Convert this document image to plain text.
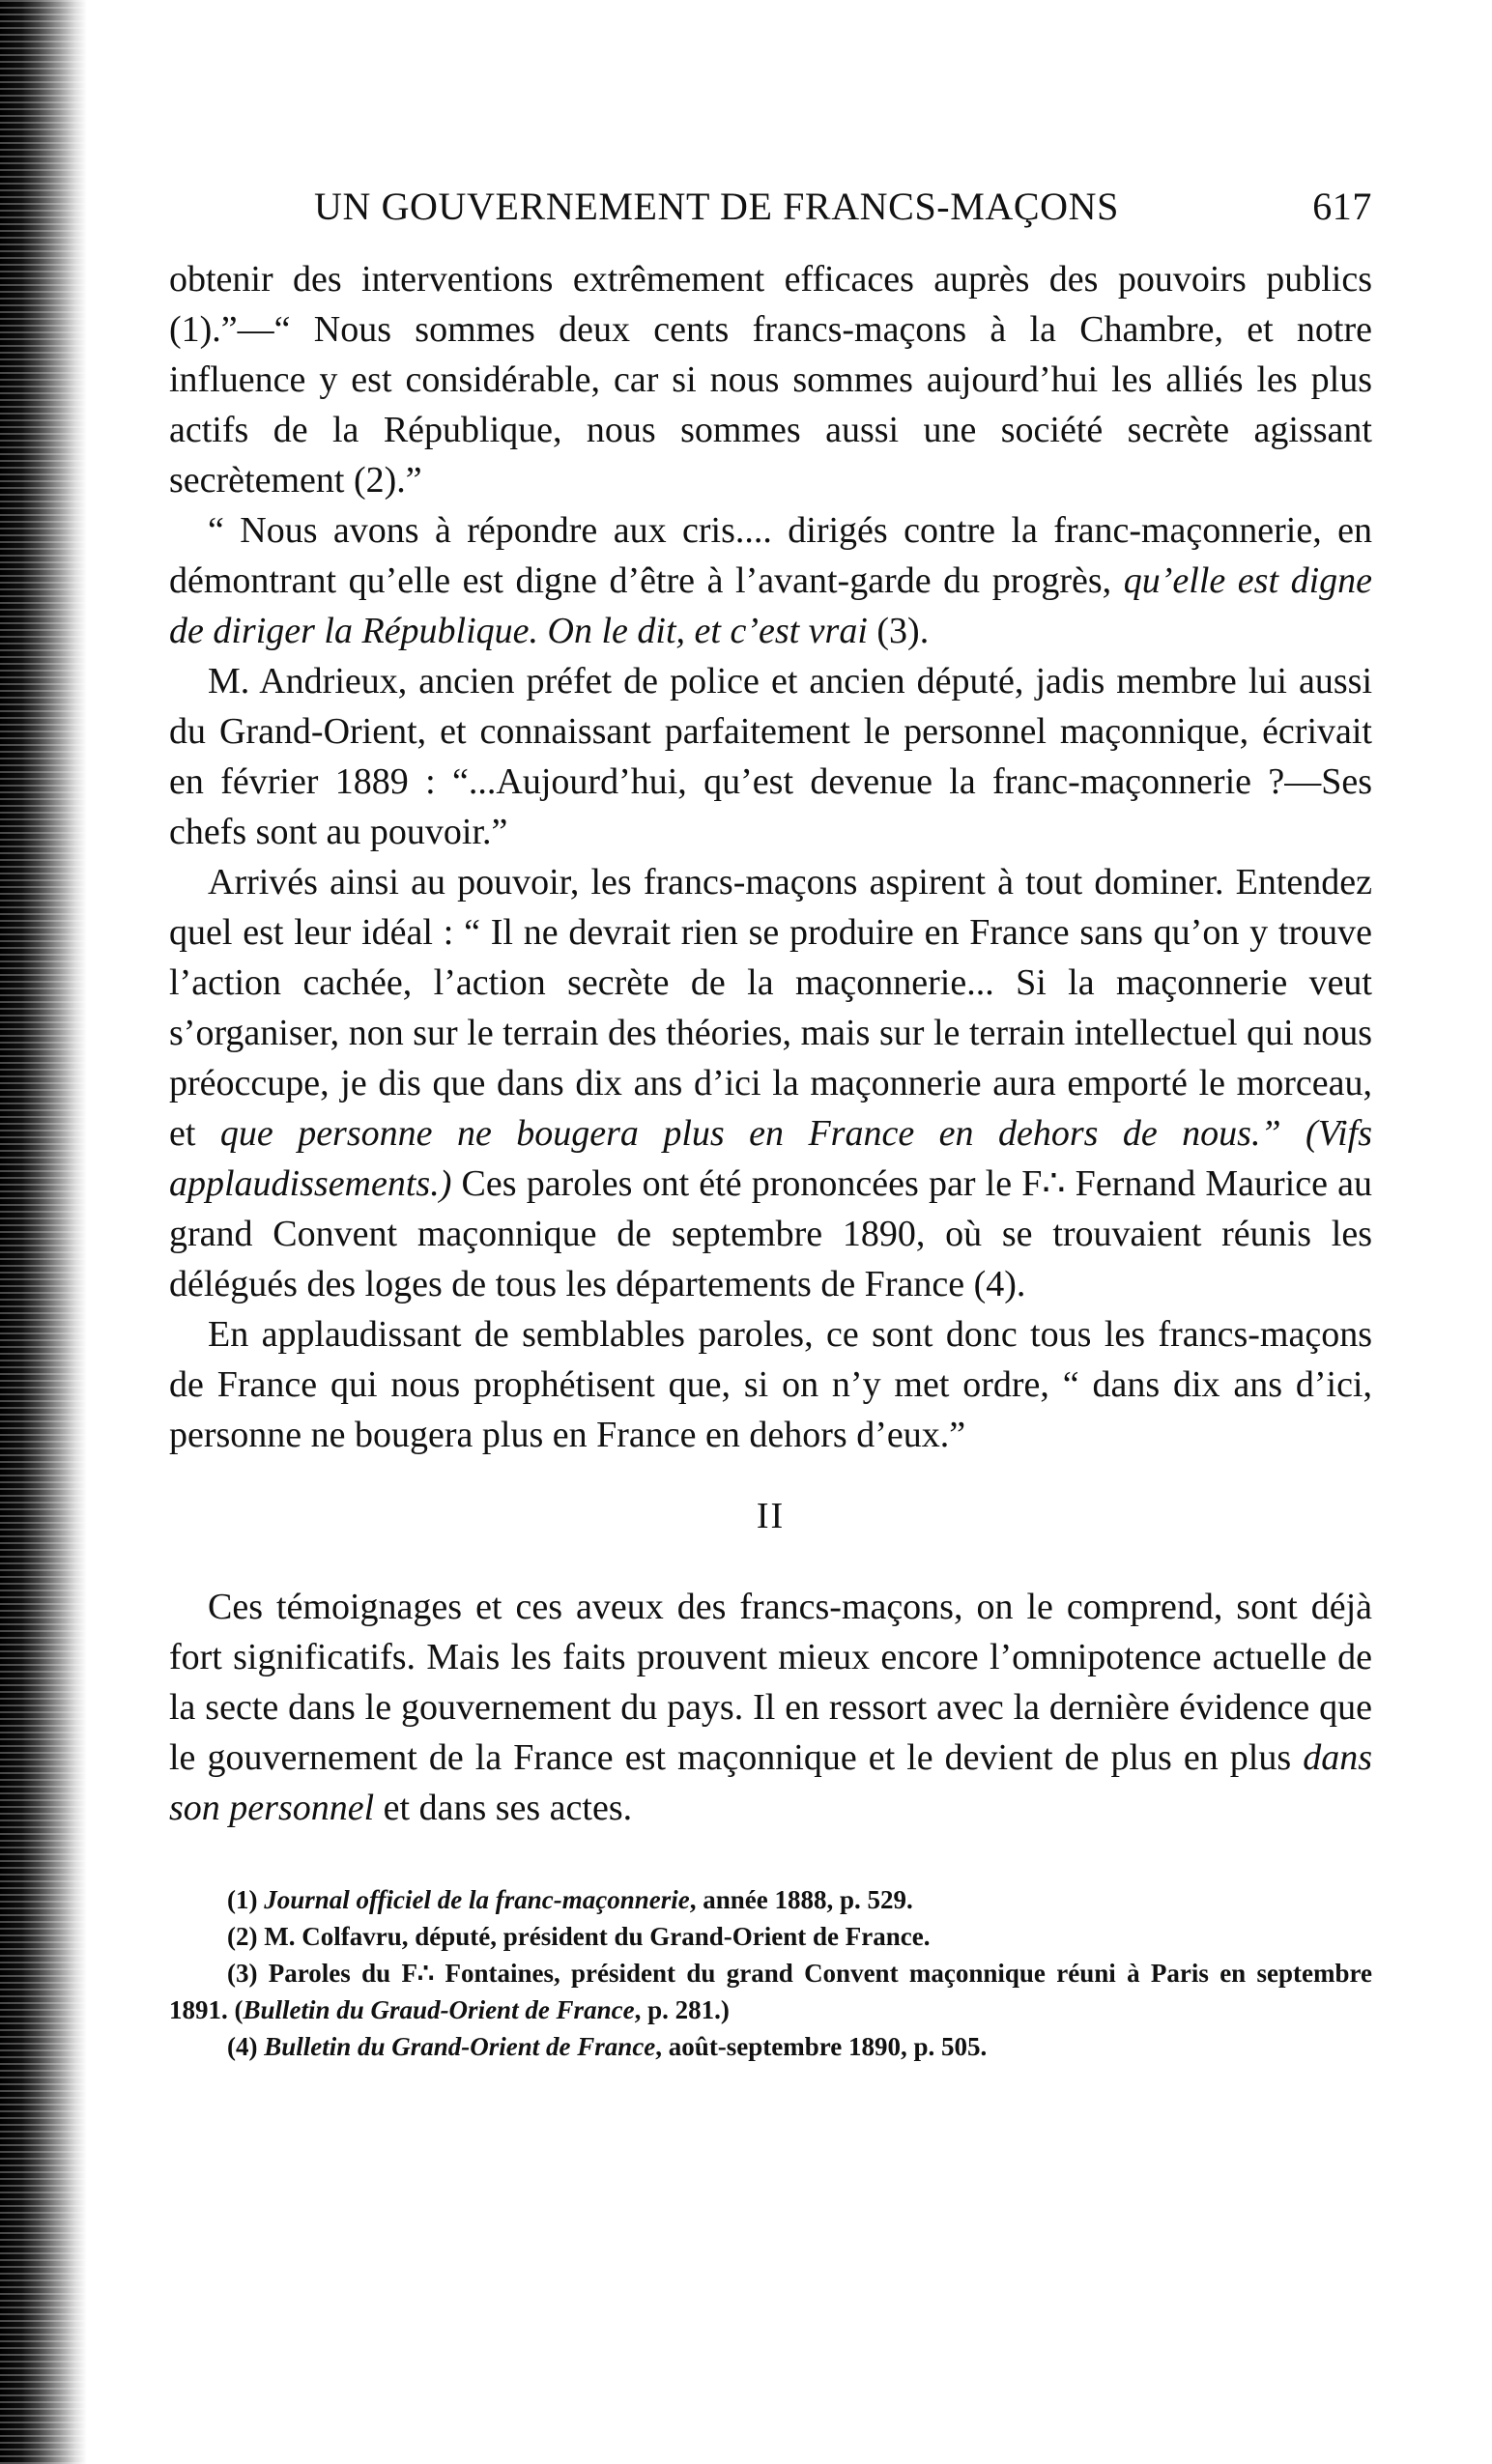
UN GOUVERNEMENT DE FRANCS-MAÇONS	617

obtenir des interventions extrêmement efficaces auprès des pouvoirs publics (1).”—“ Nous sommes deux cents francs-maçons à la Chambre, et notre influence y est considérable, car si nous sommes aujourd’hui les alliés les plus actifs de la République, nous sommes aussi une société secrète agissant secrètement (2).”

“ Nous avons à répondre aux cris.... dirigés contre la franc-maçonnerie, en démontrant qu’elle est digne d’être à l’avant-garde du progrès, qu’elle est digne de diriger la République. On le dit, et c’est vrai (3).

M. Andrieux, ancien préfet de police et ancien député, jadis membre lui aussi du Grand-Orient, et connaissant parfaitement le personnel maçonnique, écrivait en février 1889 : “...Aujourd’hui, qu’est devenue la franc-maçonnerie ?—Ses chefs sont au pouvoir.”

Arrivés ainsi au pouvoir, les francs-maçons aspirent à tout dominer. Entendez quel est leur idéal : “ Il ne devrait rien se produire en France sans qu’on y trouve l’action cachée, l’action secrète de la maçonnerie... Si la maçonnerie veut s’organiser, non sur le terrain des théories, mais sur le terrain intellectuel qui nous préoccupe, je dis que dans dix ans d’ici la maçonnerie aura emporté le morceau, et que personne ne bougera plus en France en dehors de nous.” (Vifs applaudissements.) Ces paroles ont été prononcées par le F∴ Fernand Maurice au grand Convent maçonnique de septembre 1890, où se trouvaient réunis les délégués des loges de tous les départements de France (4).

En applaudissant de semblables paroles, ce sont donc tous les francs-maçons de France qui nous prophétisent que, si on n’y met ordre, “ dans dix ans d’ici, personne ne bougera plus en France en dehors d’eux.”

II

Ces témoignages et ces aveux des francs-maçons, on le comprend, sont déjà fort significatifs. Mais les faits prouvent mieux encore l’omnipotence actuelle de la secte dans le gouvernement du pays. Il en ressort avec la dernière évidence que le gouvernement de la France est maçonnique et le devient de plus en plus dans son personnel et dans ses actes.

(1) Journal officiel de la franc-maçonnerie, année 1888, p. 529.

(2) M. Colfavru, député, président du Grand-Orient de France.

(3) Paroles du F∴ Fontaines, président du grand Convent maçonnique réuni à Paris en septembre 1891. (Bulletin du Graud-Orient de France, p. 281.)

(4) Bulletin du Grand-Orient de France, août-septembre 1890, p. 505.
